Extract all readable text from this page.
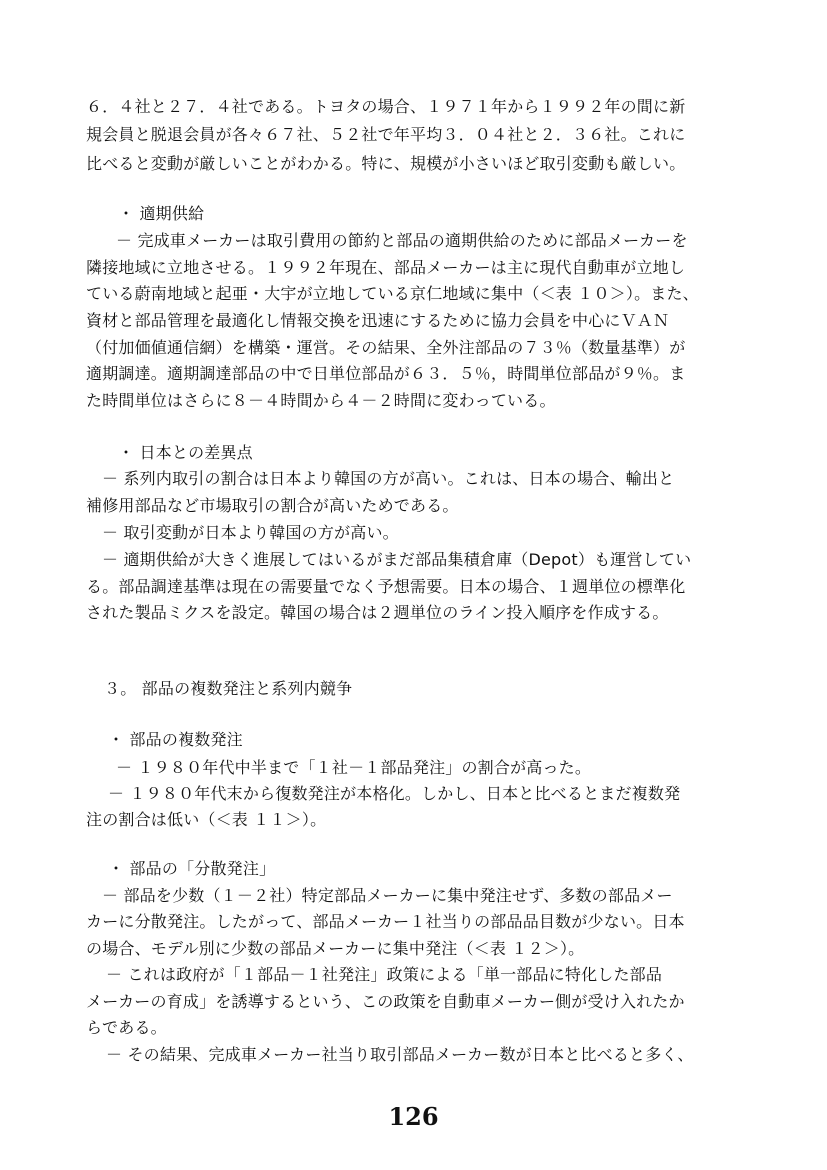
６．４社と２７．４社である。トヨタの場合、１９７１年から１９９２年の間に新
規会員と脱退会員が各々６７社、５２社で年平均３．０４社と２．３６社。これに
比べると変動が厳しいことがわかる。特に、規模が小さいほど取引変動も厳しい。
・ 適期供給
－ 完成車メーカーは取引費用の節約と部品の適期供給のために部品メーカーを
隣接地域に立地させる。１９９２年現在、部品メーカーは主に現代自動車が立地し
ている蔚南地域と起亜・大宇が立地している京仁地域に集中（＜表 １０＞）。また、
資材と部品管理を最適化し情報交換を迅速にするために協力会員を中心にＶＡＮ
（付加価値通信網）を構築・運営。その結果、全外注部品の７３％（数量基準）が
適期調達。適期調達部品の中で日単位部品が６３．５％，時間単位部品が９％。ま
た時間単位はさらに８－４時間から４－２時間に変わっている。
・ 日本との差異点
－ 系列内取引の割合は日本より韓国の方が高い。これは、日本の場合、輸出と
補修用部品など市場取引の割合が高いためである。
－ 取引変動が日本より韓国の方が高い。
－ 適期供給が大きく進展してはいるがまだ部品集積倉庫（Depot）も運営してい
る。部品調達基準は現在の需要量でなく予想需要。日本の場合、１週単位の標準化
された製品ミクスを設定。韓国の場合は２週単位のライン投入順序を作成する。
３。 部品の複数発注と系列内競争
・ 部品の複数発注
－ １９８０年代中半まで「１社－１部品発注」の割合が高った。
－ １９８０年代末から復数発注が本格化。しかし、日本と比べるとまだ複数発
注の割合は低い（＜表 １１＞）。
・ 部品の「分散発注」
－ 部品を少数（１－２社）特定部品メーカーに集中発注せず、多数の部品メー
カーに分散発注。したがって、部品メーカー１社当りの部品品目数が少ない。日本
の場合、モデル別に少数の部品メーカーに集中発注（＜表 １２＞）。
－ これは政府が「１部品－１社発注」政策による「単一部品に特化した部品
メーカーの育成」を誘導するという、この政策を自動車メーカー側が受け入れたか
らである。
－ その結果、完成車メーカー社当り取引部品メーカー数が日本と比べると多く、
126
